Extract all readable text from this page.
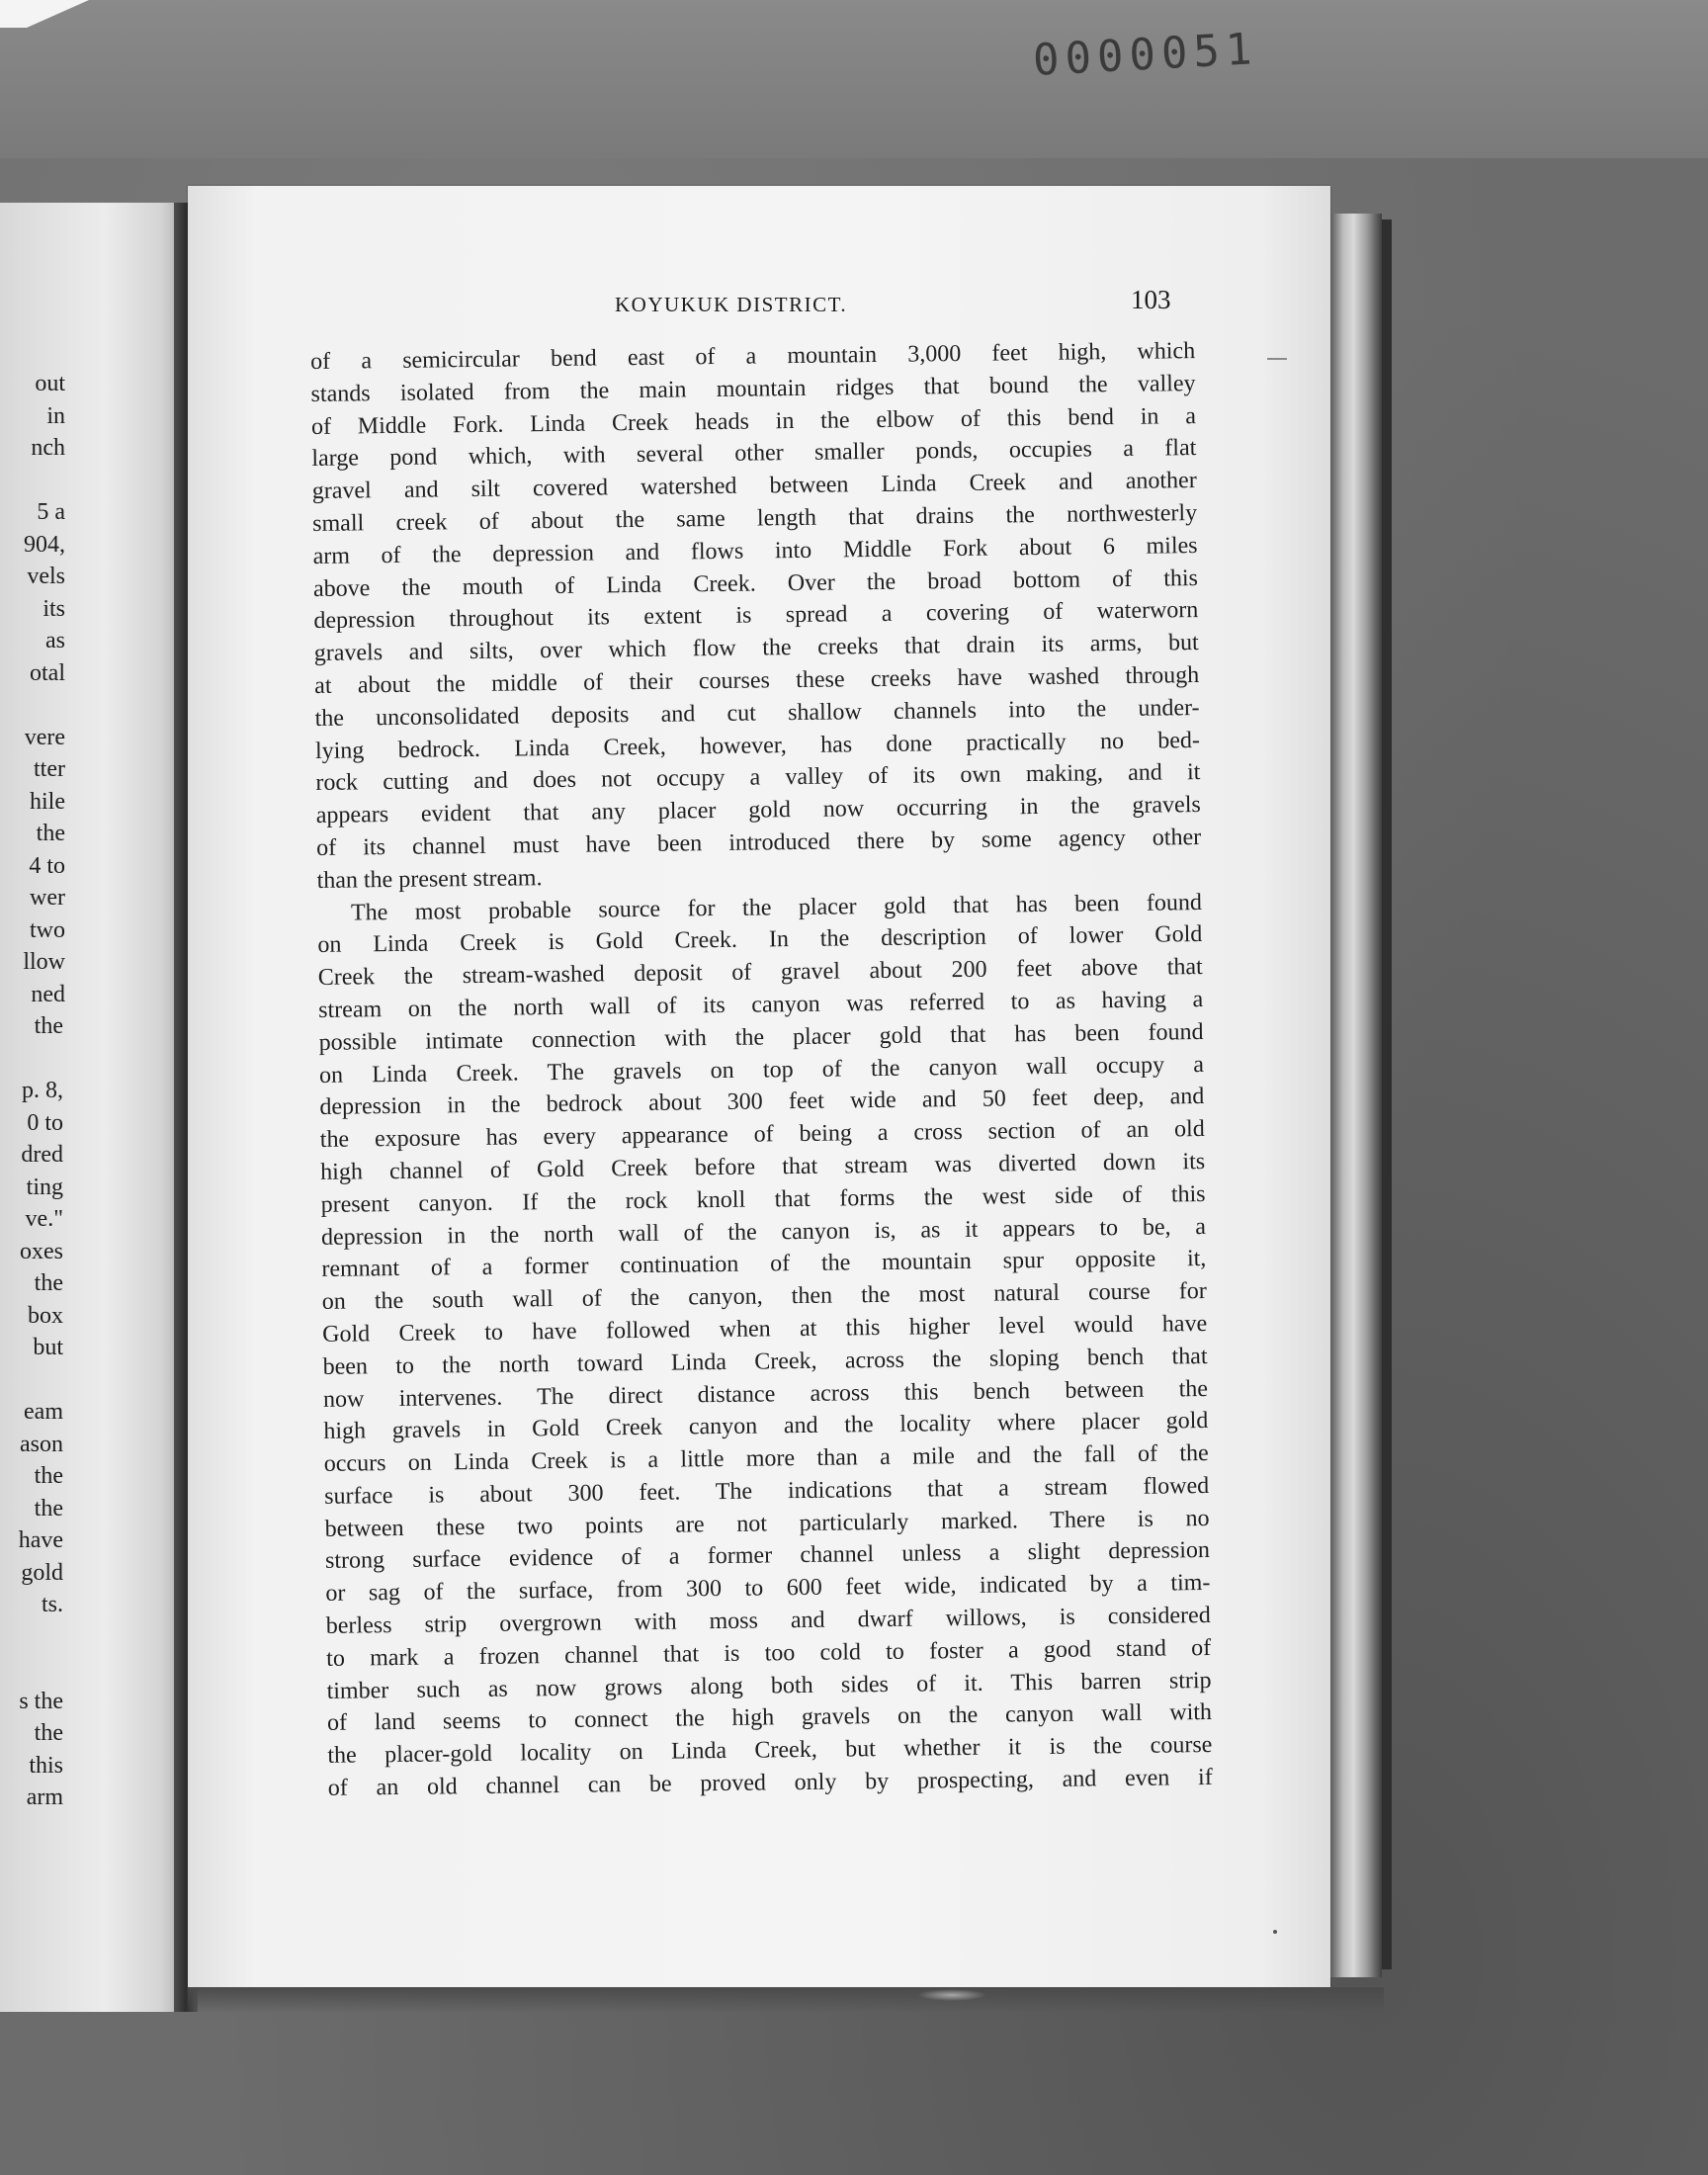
0000051
out
in
nch
5 a
904,
vels
its
as
otal
vere
tter
hile
the
4 to
wer
two
llow
ned
the
p. 8,
0 to
dred
ting
ve."
oxes
the
box
but
eam
ason
the
the
have
gold
ts.
s the
the
this
arm
KOYUKUK DISTRICT.	103

of a semicircular bend east of a mountain 3,000 feet high, which

stands isolated from the main mountain ridges that bound the valley

of Middle Fork. Linda Creek heads in the elbow of this bend in a

large pond which, with several other smaller ponds, occupies a flat

gravel and silt covered watershed between Linda Creek and another

small creek of about the same length that drains the northwesterly

arm of the depression and flows into Middle Fork about 6 miles

above the mouth of Linda Creek. Over the broad bottom of this

depression throughout its extent is spread a covering of waterworn

gravels and silts, over which flow the creeks that drain its arms, but

at about the middle of their courses these creeks have washed through

the unconsolidated deposits and cut shallow channels into the under-

lying bedrock. Linda Creek, however, has done practically no bed-

rock cutting and does not occupy a valley of its own making, and it

appears evident that any placer gold now occurring in the gravels

of its channel must have been introduced there by some agency other

than the present stream.

The most probable source for the placer gold that has been found

on Linda Creek is Gold Creek. In the description of lower Gold

Creek the stream-washed deposit of gravel about 200 feet above that

stream on the north wall of its canyon was referred to as having a

possible intimate connection with the placer gold that has been found

on Linda Creek. The gravels on top of the canyon wall occupy a

depression in the bedrock about 300 feet wide and 50 feet deep, and

the exposure has every appearance of being a cross section of an old

high channel of Gold Creek before that stream was diverted down its

present canyon. If the rock knoll that forms the west side of this

depression in the north wall of the canyon is, as it appears to be, a

remnant of a former continuation of the mountain spur opposite it,

on the south wall of the canyon, then the most natural course for

Gold Creek to have followed when at this higher level would have

been to the north toward Linda Creek, across the sloping bench that

now intervenes. The direct distance across this bench between the

high gravels in Gold Creek canyon and the locality where placer gold

occurs on Linda Creek is a little more than a mile and the fall of the

surface is about 300 feet. The indications that a stream flowed

between these two points are not particularly marked. There is no

strong surface evidence of a former channel unless a slight depression

or sag of the surface, from 300 to 600 feet wide, indicated by a tim-

berless strip overgrown with moss and dwarf willows, is considered

to mark a frozen channel that is too cold to foster a good stand of

timber such as now grows along both sides of it. This barren strip

of land seems to connect the high gravels on the canyon wall with

the placer-gold locality on Linda Creek, but whether it is the course

of an old channel can be proved only by prospecting, and even if
